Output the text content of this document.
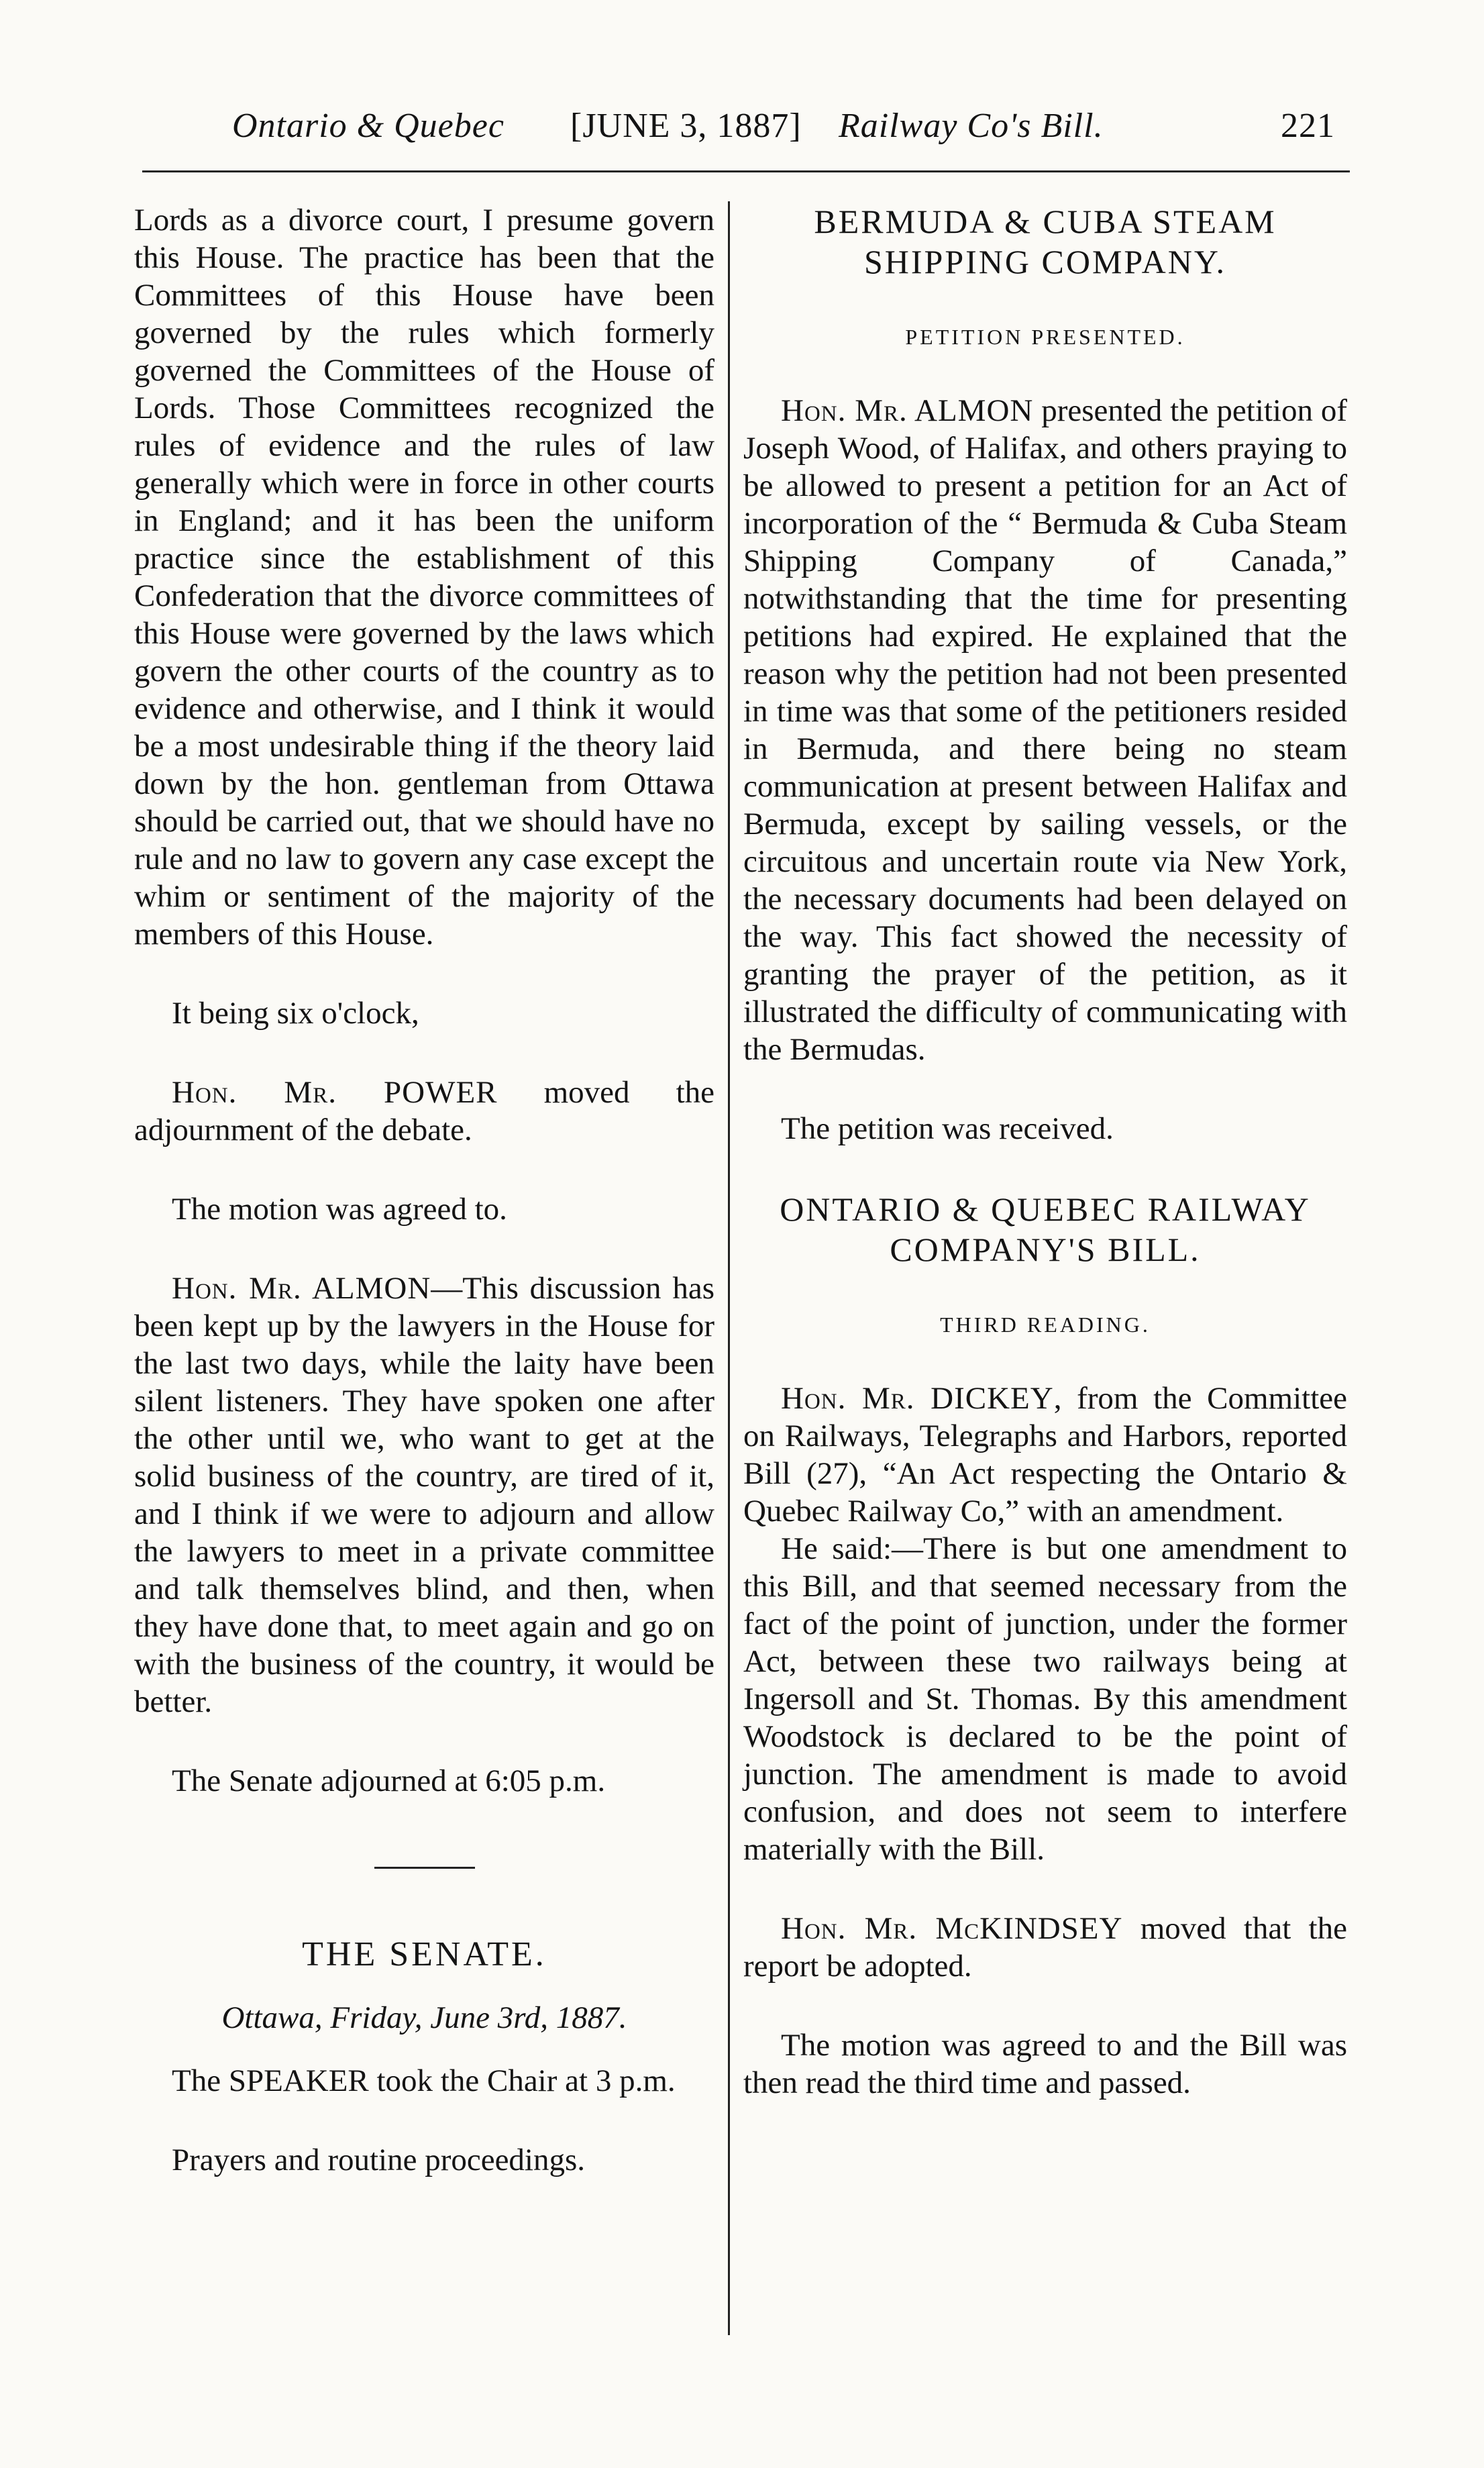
Ontario & Quebec [JUNE 3, 1887] Railway Co's Bill.	221

Lords as a divorce court, I presume govern this House. The practice has been that the Committees of this House have been governed by the rules which formerly governed the Committees of the House of Lords. Those Committees recognized the rules of evidence and the rules of law generally which were in force in other courts in England; and it has been the uniform practice since the establishment of this Confederation that the divorce committees of this House were governed by the laws which govern the other courts of the country as to evidence and otherwise, and I think it would be a most undesirable thing if the theory laid down by the hon. gentleman from Ottawa should be carried out, that we should have no rule and no law to govern any case except the whim or sentiment of the majority of the members of this House.

It being six o'clock,

Hon. Mr. POWER moved the adjournment of the debate.

The motion was agreed to.

Hon. Mr. ALMON—This discussion has been kept up by the lawyers in the House for the last two days, while the laity have been silent listeners. They have spoken one after the other until we, who want to get at the solid business of the country, are tired of it, and I think if we were to adjourn and allow the lawyers to meet in a private committee and talk themselves blind, and then, when they have done that, to meet again and go on with the business of the country, it would be better.

The Senate adjourned at 6:05 p.m.

THE SENATE.

Ottawa, Friday, June 3rd, 1887.

The SPEAKER took the Chair at 3 p.m.

Prayers and routine proceedings.

BERMUDA & CUBA STEAM SHIPPING COMPANY.

PETITION PRESENTED.

Hon. Mr. ALMON presented the petition of Joseph Wood, of Halifax, and others praying to be allowed to present a petition for an Act of incorporation of the “ Bermuda & Cuba Steam Shipping Company of Canada,” notwithstanding that the time for presenting petitions had expired. He explained that the reason why the petition had not been presented in time was that some of the petitioners resided in Bermuda, and there being no steam communication at present between Halifax and Bermuda, except by sailing vessels, or the circuitous and uncertain route via New York, the necessary documents had been delayed on the way. This fact showed the necessity of granting the prayer of the petition, as it illustrated the difficulty of communicating with the Bermudas.

The petition was received.

ONTARIO & QUEBEC RAILWAY COMPANY'S BILL.

THIRD READING.

Hon. Mr. DICKEY, from the Committee on Railways, Telegraphs and Harbors, reported Bill (27), “An Act respecting the Ontario & Quebec Railway Co,” with an amendment.

He said:—There is but one amendment to this Bill, and that seemed necessary from the fact of the point of junction, under the former Act, between these two railways being at Ingersoll and St. Thomas. By this amendment Woodstock is declared to be the point of junction. The amendment is made to avoid confusion, and does not seem to interfere materially with the Bill.

Hon. Mr. McKINDSEY moved that the report be adopted.

The motion was agreed to and the Bill was then read the third time and passed.
